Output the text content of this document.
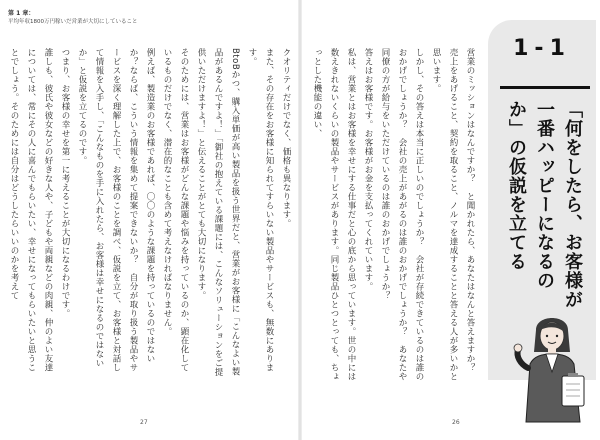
第 1 章：
平均年収1800万円稼いだ営業が大切にしていること
クオリティだけでなく、価格も異なります。
また、その存在をお客様に知られてすらいない製品やサービスも、無数にあります。
BtoBかつ、購入単価が高い製品を扱う世界だと、営業がお客様に「こんなよい製品があるんですよ！」「御社の抱えている課題には、こんなソリューションをご提供いただけますよ！」と伝えることがとても大切になります。
そのためには、営業はお客様がどんな課題や悩みを持っているのか、顕在化しているものだけでなく、潜在的なことも含めて考えなければなりません。
例えば、製造業のお客様であれば、〇〇のような課題を持っているのではないか？ならば、こういう情報を集めて提案できないか？　自分が取り扱う製品やサービスを深く理解した上で、お客様のことを調べ、仮説を立て、お客様と対話して情報を入手し、「こんなものを手に入れたら、お客様は幸せになるのではないか」と仮説を立てるのです。
つまり、お客様の幸せを第一に考えることが大切になるわけです。
誰しも、彼氏や彼女などの好きな人や、子どもや両親などの肉親、仲のよい友達については、常にその人に喜んでもらいたい、幸せになってもらいたいと思うことでしょう。そのためには自分はどうしたらいいのかを考えて
27
営業のミッションはなんですか？　と聞かれたら、あなたはなんと答えますか？
売上をあげること、契約を取ること、ノルマを達成することと答える人が多いかと思います。
しかし、その答えは本当に正しいのでしょうか？　会社が存続できているのは誰のおかげでしょうか？　会社の売上があがるのは誰のおかげでしょうか？　あなたや同僚の方が給与をいただけているのは誰のおかげでしょうか？
答えはお客様です。お客様がお金を支払ってくれています。
私は、営業とはお客様を幸せにする仕事だと心の底から思っています。世の中には数えきれないくらいの製品やサービスがあります。同じ製品ひとつとっても、ちょっとした機能の違い、
26
1-1
「何をしたら、お客様が一番ハッピーになるのか」の仮説を立てる
